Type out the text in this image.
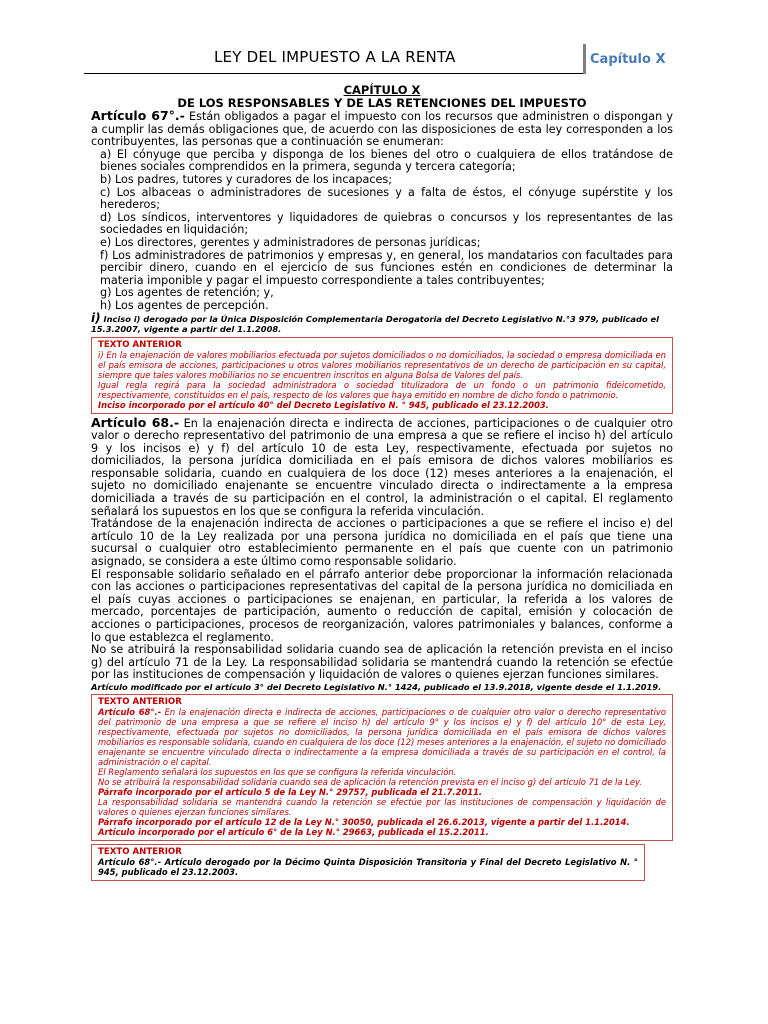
LEY DEL IMPUESTO A LA RENTA	Capítulo X
CAPÍTULO X
DE LOS RESPONSABLES Y DE LAS RETENCIONES DEL IMPUESTO

Artículo 67°.- Están obligados a pagar el impuesto con los recursos que administren o dispongan y a cumplir las demás obligaciones que, de acuerdo con las disposiciones de esta ley corresponden a los contribuyentes, las personas que a continuación se enumeran:

a) El cónyuge que perciba y disponga de los bienes del otro o cualquiera de ellos tratándose de bienes sociales comprendidos en la primera, segunda y tercera categoría;

b) Los padres, tutores y curadores de los incapaces;

c) Los albaceas o administradores de sucesiones y a falta de éstos, el cónyuge supérstite y los herederos;

d) Los síndicos, interventores y liquidadores de quiebras o concursos y los representantes de las sociedades en liquidación;

e) Los directores, gerentes y administradores de personas jurídicas;

f) Los administradores de patrimonios y empresas y, en general, los mandatarios con facultades para percibir dinero, cuando en el ejercicio de sus funciones estén en condiciones de determinar la materia imponible y pagar el impuesto correspondiente a tales contribuyentes;

g) Los agentes de retención; y,

h) Los agentes de percepción.

i) Inciso i) derogado por la Única Disposición Complementaria Derogatoria del Decreto Legislativo N.°3 979, publicado el 15.3.2007, vigente a partir del 1.1.2008.

TEXTO ANTERIOR

i) En la enajenación de valores mobiliarios efectuada por sujetos domiciliados o no domiciliados, la sociedad o empresa domiciliada en el país emisora de acciones, participaciones u otros valores mobiliarios representativos de un derecho de participación en su capital, siempre que tales valores mobiliarios no se encuentren inscritos en alguna Bolsa de Valores del país.

Igual regla regirá para la sociedad administradora o sociedad titulizadora de un fondo o un patrimonio fideicometido, respectivamente, constituidos en el país, respecto de los valores que haya emitido en nombre de dicho fondo o patrimonio.

Inciso incorporado por el artículo 40° del Decreto Legislativo N. ° 945, publicado el 23.12.2003.

Artículo 68.- En la enajenación directa e indirecta de acciones, participaciones o de cualquier otro valor o derecho representativo del patrimonio de una empresa a que se refiere el inciso h) del artículo 9 y los incisos e) y f) del artículo 10 de esta Ley, respectivamente, efectuada por sujetos no domiciliados, la persona jurídica domiciliada en el país emisora de dichos valores mobiliarios es responsable solidaria, cuando en cualquiera de los doce (12) meses anteriores a la enajenación, el sujeto no domiciliado enajenante se encuentre vinculado directa o indirectamente a la empresa domiciliada a través de su participación en el control, la administración o el capital. El reglamento señalará los supuestos en los que se configura la referida vinculación.

Tratándose de la enajenación indirecta de acciones o participaciones a que se refiere el inciso e) del artículo 10 de la Ley realizada por una persona jurídica no domiciliada en el país que tiene una sucursal o cualquier otro establecimiento permanente en el país que cuente con un patrimonio asignado, se considera a este último como responsable solidario.

El responsable solidario señalado en el párrafo anterior debe proporcionar la información relacionada con las acciones o participaciones representativas del capital de la persona jurídica no domiciliada en el país cuyas acciones o participaciones se enajenan, en particular, la referida a los valores de mercado, porcentajes de participación, aumento o reducción de capital, emisión y colocación de acciones o participaciones, procesos de reorganización, valores patrimoniales y balances, conforme a lo que establezca el reglamento.

No se atribuirá la responsabilidad solidaria cuando sea de aplicación la retención prevista en el inciso g) del artículo 71 de la Ley. La responsabilidad solidaria se mantendrá cuando la retención se efectúe por las instituciones de compensación y liquidación de valores o quienes ejerzan funciones similares.

Artículo modificado por el artículo 3° del Decreto Legislativo N.° 1424, publicado el 13.9.2018, vigente desde el 1.1.2019.

TEXTO ANTERIOR

Artículo 68°.- En la enajenación directa e indirecta de acciones, participaciones o de cualquier otro valor o derecho representativo del patrimonio de una empresa a que se refiere el inciso h) del artículo 9° y los incisos e) y f) del artículo 10° de esta Ley, respectivamente, efectuada por sujetos no domiciliados, la persona jurídica domiciliada en el país emisora de dichos valores mobiliarios es responsable solidaria, cuando en cualquiera de los doce (12) meses anteriores a la enajenación, el sujeto no domiciliado enajenante se encuentre vinculado directa o indirectamente a la empresa domiciliada a través de su participación en el control, la administración o el capital.

El Reglamento señalará los supuestos en los que se configura la referida vinculación.

No se atribuirá la responsabilidad solidaria cuando sea de aplicación la retención prevista en el inciso g) del artículo 71 de la Ley.

Párrafo incorporado por el artículo 5 de la Ley N.° 29757, publicada el 21.7.2011.

La responsabilidad solidaria se mantendrá cuando la retención se efectúe por las instituciones de compensación y liquidación de valores o quienes ejerzan funciones similares.

Párrafo incorporado por el artículo 12 de la Ley N.° 30050, publicada el 26.6.2013, vigente a partir del 1.1.2014.

Artículo incorporado por el artículo 6° de la Ley N.° 29663, publicada el 15.2.2011.

TEXTO ANTERIOR

Artículo 68°.- Artículo derogado por la Décimo Quinta Disposición Transitoria y Final del Decreto Legislativo N. ° 945, publicado el 23.12.2003.
